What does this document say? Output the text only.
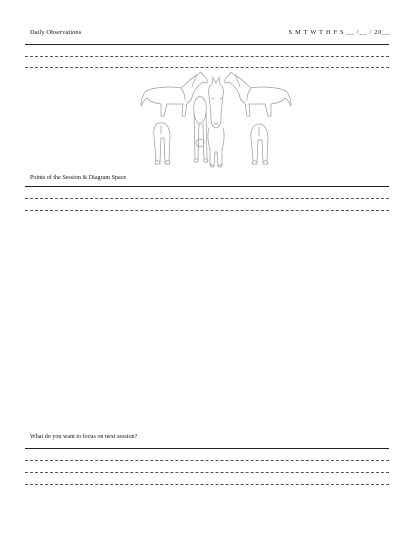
Daily Observations	S M T W T H F S __ /__ / 20__
Points of the Session & Diagram Space
What do you want to focus on next session?
